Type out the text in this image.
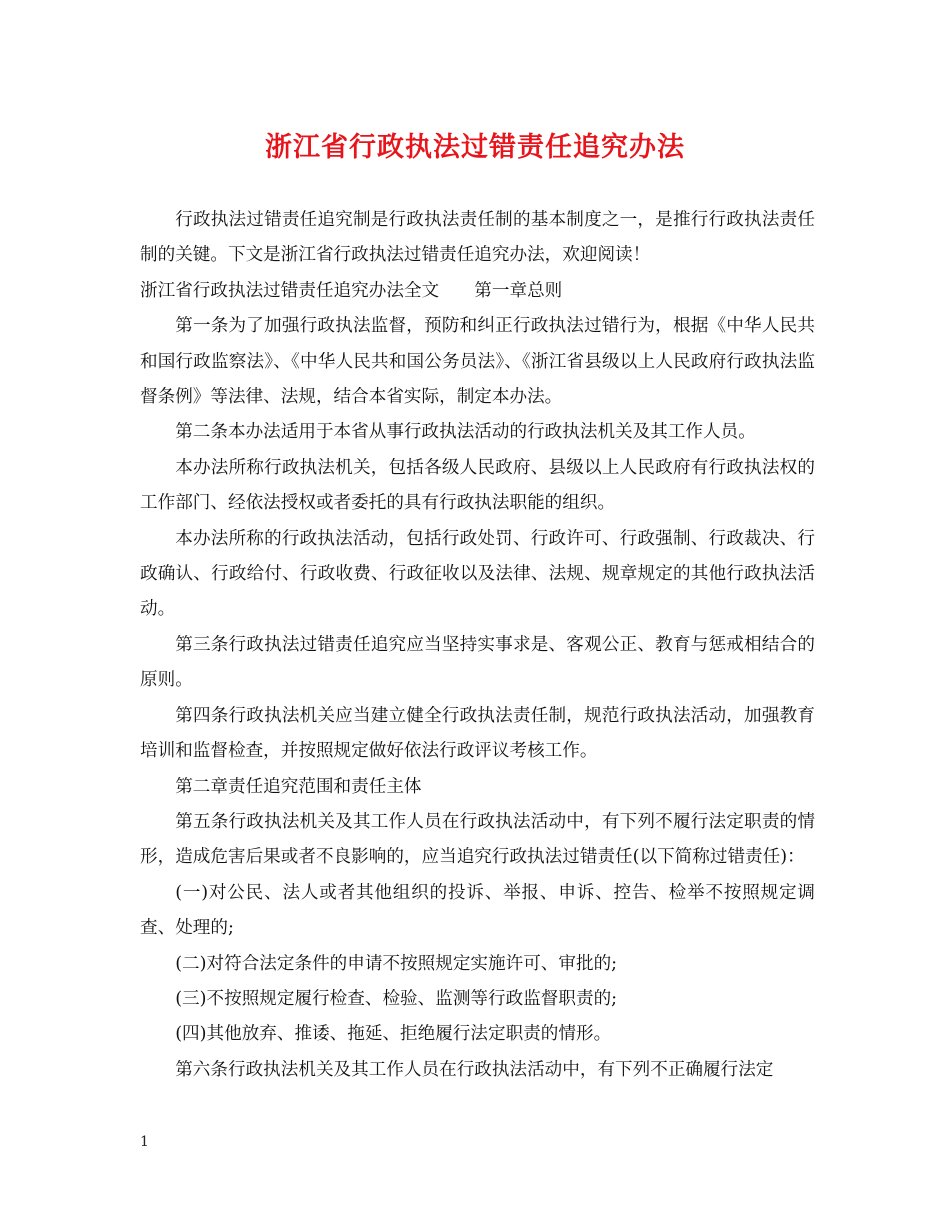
浙江省行政执法过错责任追究办法

行政执法过错责任追究制是行政执法责任制的基本制度之一，是推行行政执法责任制的关键。下文是浙江省行政执法过错责任追究办法，欢迎阅读！

浙江省行政执法过错责任追究办法全文　　第一章总则

第一条为了加强行政执法监督，预防和纠正行政执法过错行为，根据《中华人民共和国行政监察法》、《中华人民共和国公务员法》、《浙江省县级以上人民政府行政执法监督条例》等法律、法规，结合本省实际，制定本办法。

第二条本办法适用于本省从事行政执法活动的行政执法机关及其工作人员。

本办法所称行政执法机关，包括各级人民政府、县级以上人民政府有行政执法权的工作部门、经依法授权或者委托的具有行政执法职能的组织。

本办法所称的行政执法活动，包括行政处罚、行政许可、行政强制、行政裁决、行政确认、行政给付、行政收费、行政征收以及法律、法规、规章规定的其他行政执法活动。

第三条行政执法过错责任追究应当坚持实事求是、客观公正、教育与惩戒相结合的原则。

第四条行政执法机关应当建立健全行政执法责任制，规范行政执法活动，加强教育培训和监督检查，并按照规定做好依法行政评议考核工作。

第二章责任追究范围和责任主体

第五条行政执法机关及其工作人员在行政执法活动中，有下列不履行法定职责的情形，造成危害后果或者不良影响的，应当追究行政执法过错责任(以下简称过错责任)：

(一)对公民、法人或者其他组织的投诉、举报、申诉、控告、检举不按照规定调查、处理的;

(二)对符合法定条件的申请不按照规定实施许可、审批的;

(三)不按照规定履行检查、检验、监测等行政监督职责的;

(四)其他放弃、推诿、拖延、拒绝履行法定职责的情形。

第六条行政执法机关及其工作人员在行政执法活动中，有下列不正确履行法定

1
